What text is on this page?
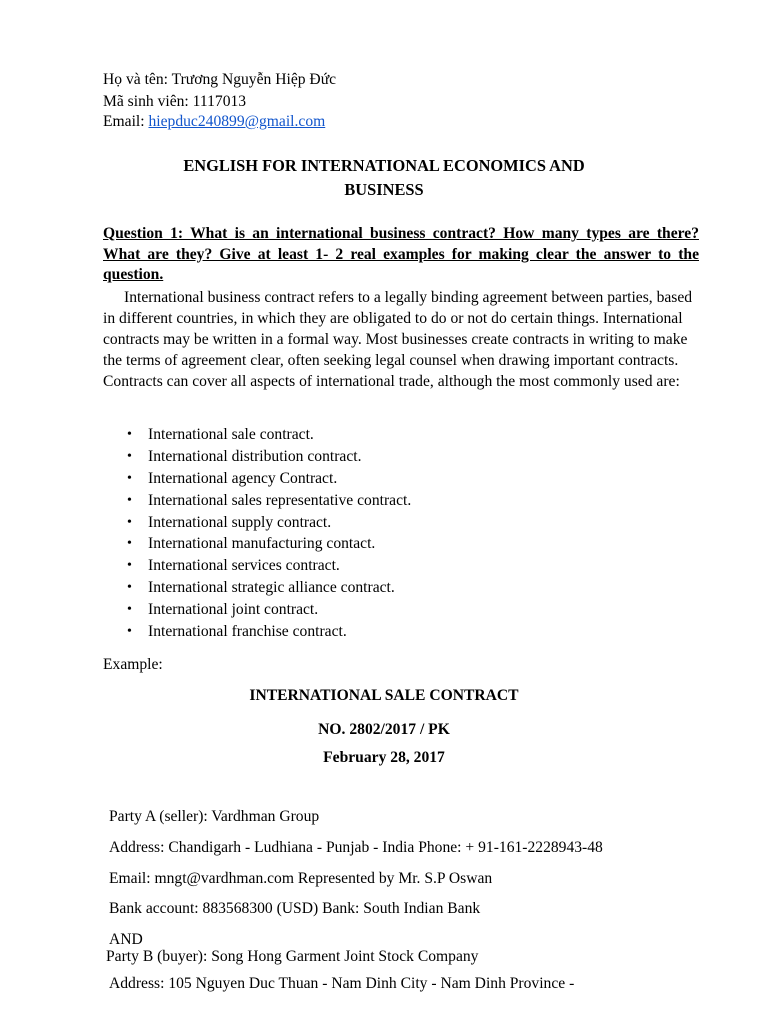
Họ và tên: Trương Nguyễn Hiệp Đức
Mã sinh viên: 1117013
Email: hiepduc240899@gmail.com
ENGLISH FOR INTERNATIONAL ECONOMICS AND
BUSINESS
Question 1: What is an international business contract? How many types are there? What are they? Give at least 1- 2 real examples for making clear the answer to the question.
International business contract refers to a legally binding agreement between parties, based in different countries, in which they are obligated to do or not do certain things. International contracts may be written in a formal way. Most businesses create contracts in writing to make the terms of agreement clear, often seeking legal counsel when drawing important contracts. Contracts can cover all aspects of international trade, although the most commonly used are:
• International sale contract.
• International distribution contract.
• International agency Contract.
• International sales representative contract.
• International supply contract.
• International manufacturing contact.
• International services contract.
• International strategic alliance contract.
• International joint contract.
• International franchise contract.
Example:
INTERNATIONAL SALE CONTRACT
NO. 2802/2017 / PK
February 28, 2017
Party A (seller): Vardhman Group
Address: Chandigarh - Ludhiana - Punjab - India Phone: + 91-161-2228943-48
Email: mngt@vardhman.com Represented by Mr. S.P Oswan
Bank account: 883568300 (USD) Bank: South Indian Bank
AND
Party B (buyer): Song Hong Garment Joint Stock Company
Address: 105 Nguyen Duc Thuan - Nam Dinh City - Nam Dinh Province -
